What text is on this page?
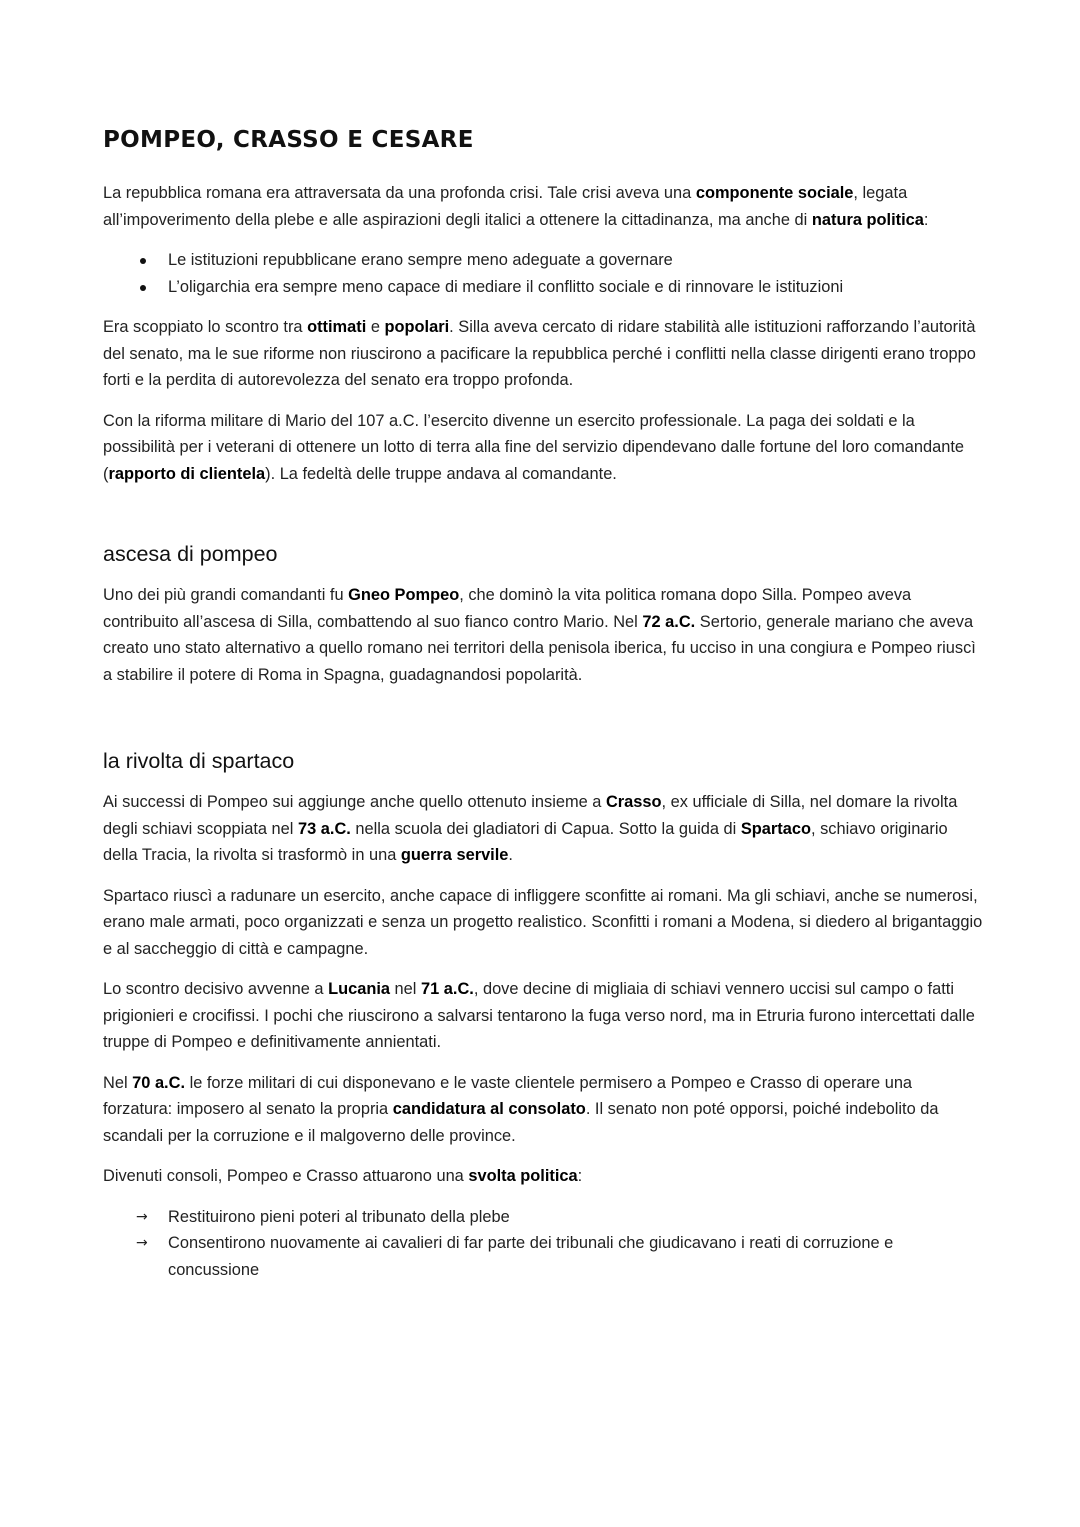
POMPEO, CRASSO E CESARE

La repubblica romana era attraversata da una profonda crisi. Tale crisi aveva una componente sociale, legata all’impoverimento della plebe e alle aspirazioni degli italici a ottenere la cittadinanza, ma anche di natura politica:

Le istituzioni repubblicane erano sempre meno adeguate a governare
L’oligarchia era sempre meno capace di mediare il conflitto sociale e di rinnovare le istituzioni

Era scoppiato lo scontro tra ottimati e popolari. Silla aveva cercato di ridare stabilità alle istituzioni rafforzando l’autorità del senato, ma le sue riforme non riuscirono a pacificare la repubblica perché i conflitti nella classe dirigenti erano troppo forti e la perdita di autorevolezza del senato era troppo profonda.

Con la riforma militare di Mario del 107 a.C. l’esercito divenne un esercito professionale. La paga dei soldati e la possibilità per i veterani di ottenere un lotto di terra alla fine del servizio dipendevano dalle fortune del loro comandante (rapporto di clientela). La fedeltà delle truppe andava al comandante.

ascesa di pompeo

Uno dei più grandi comandanti fu Gneo Pompeo, che dominò la vita politica romana dopo Silla. Pompeo aveva contribuito all’ascesa di Silla, combattendo al suo fianco contro Mario. Nel 72 a.C. Sertorio, generale mariano che aveva creato uno stato alternativo a quello romano nei territori della penisola iberica, fu ucciso in una congiura e Pompeo riuscì a stabilire il potere di Roma in Spagna, guadagnandosi popolarità.

la rivolta di spartaco

Ai successi di Pompeo sui aggiunge anche quello ottenuto insieme a Crasso, ex ufficiale di Silla, nel domare la rivolta degli schiavi scoppiata nel 73 a.C. nella scuola dei gladiatori di Capua. Sotto la guida di Spartaco, schiavo originario della Tracia, la rivolta si trasformò in una guerra servile.

Spartaco riuscì a radunare un esercito, anche capace di infliggere sconfitte ai romani. Ma gli schiavi, anche se numerosi, erano male armati, poco organizzati e senza un progetto realistico. Sconfitti i romani a Modena, si diedero al brigantaggio e al saccheggio di città e campagne.

Lo scontro decisivo avvenne a Lucania nel 71 a.C., dove decine di migliaia di schiavi vennero uccisi sul campo o fatti prigionieri e crocifissi. I pochi che riuscirono a salvarsi tentarono la fuga verso nord, ma in Etruria furono intercettati dalle truppe di Pompeo e definitivamente annientati.

Nel 70 a.C. le forze militari di cui disponevano e le vaste clientele permisero a Pompeo e Crasso di operare una forzatura: imposero al senato la propria candidatura al consolato. Il senato non poté opporsi, poiché indebolito da scandali per la corruzione e il malgoverno delle province.

Divenuti consoli, Pompeo e Crasso attuarono una svolta politica:

→ Restituirono pieni poteri al tribunato della plebe
→ Consentirono nuovamente ai cavalieri di far parte dei tribunali che giudicavano i reati di corruzione e concussione
